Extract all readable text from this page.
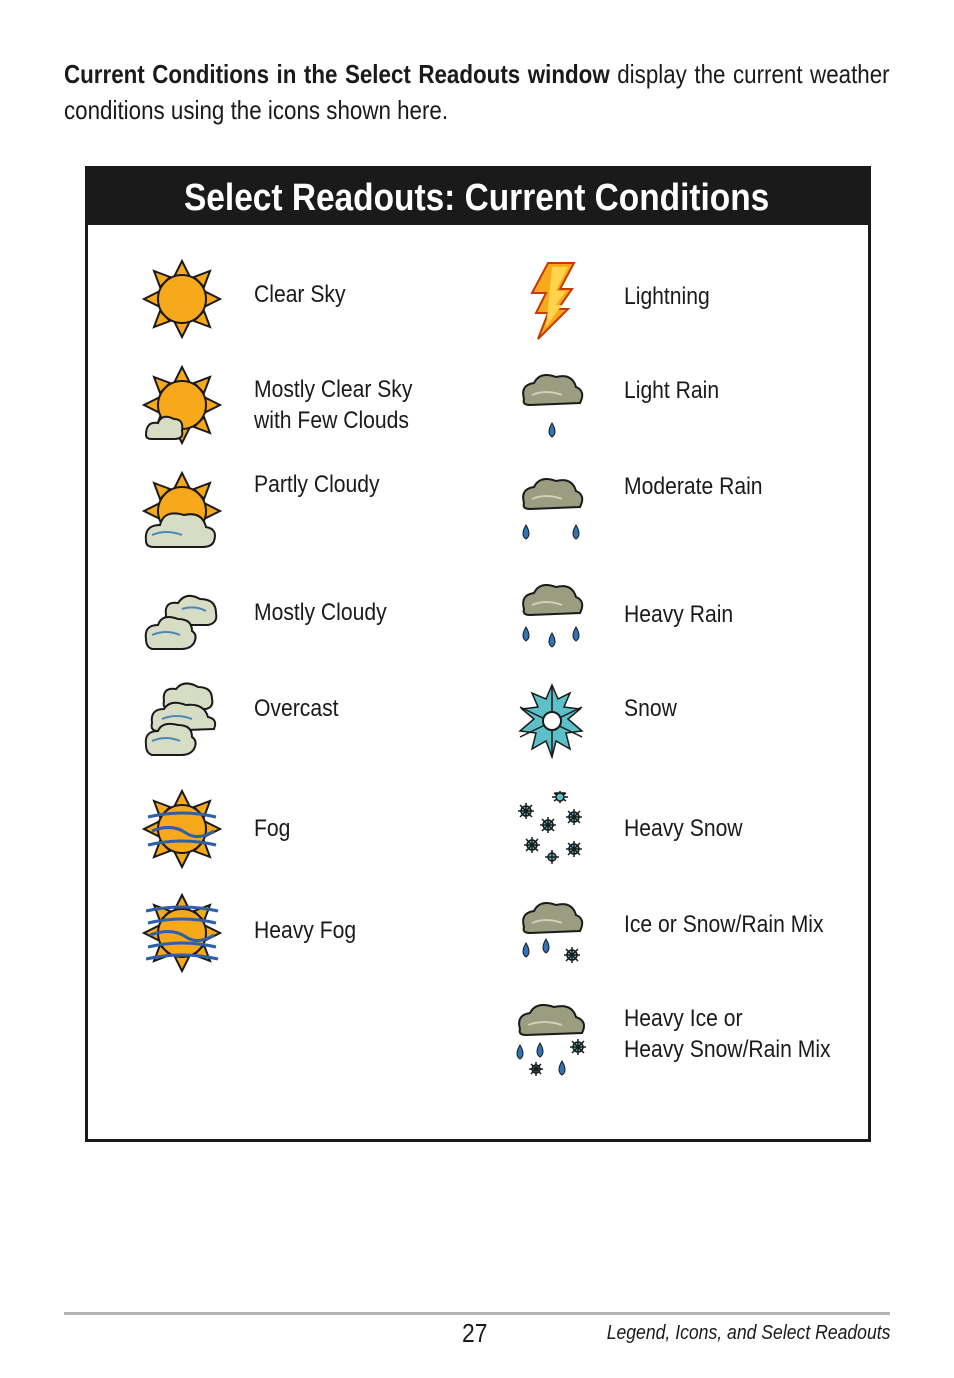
Current Conditions in the Select Readouts window display the current weather conditions using the icons shown here.
Select Readouts: Current Conditions
Clear Sky
Mostly Clear Sky
with Few Clouds
Partly Cloudy
Mostly Cloudy
Overcast
Fog
Heavy Fog
Lightning
Light Rain
Moderate Rain
Heavy Rain
Snow
Heavy Snow
Ice or Snow/Rain Mix
Heavy Ice or
Heavy Snow/Rain Mix
27	Legend, Icons, and Select Readouts
